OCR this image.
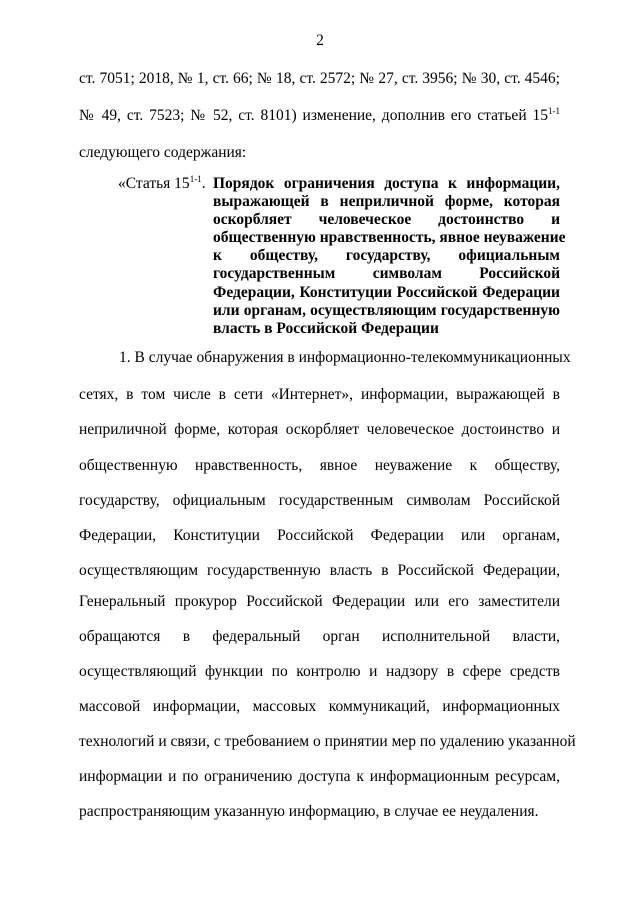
2
ст. 7051; 2018, № 1, ст. 66; № 18, ст. 2572; № 27, ст. 3956; № 30, ст. 4546;
№ 49, ст. 7523; № 52, ст. 8101) изменение, дополнив его статьей 15$^{1-1}$
следующего содержания:
«Статья 15$^{1-1}$. Порядок ограничения доступа к информации,
выражающей в неприличной форме, которая
оскорбляет человеческое достоинство и
общественную нравственность, явное неуважение
к обществу, государству, официальным
государственным символам Российской
Федерации, Конституции Российской Федерации
или органам, осуществляющим государственную
власть в Российской Федерации
1. В случае обнаружения в информационно-телекоммуникационных
сетях, в том числе в сети «Интернет», информации, выражающей в
неприличной форме, которая оскорбляет человеческое достоинство и
общественную нравственность, явное неуважение к обществу,
государству, официальным государственным символам Российской
Федерации, Конституции Российской Федерации или органам,
осуществляющим государственную власть в Российской Федерации,
Генеральный прокурор Российской Федерации или его заместители
обращаются в федеральный орган исполнительной власти,
осуществляющий функции по контролю и надзору в сфере средств
массовой информации, массовых коммуникаций, информационных
технологий и связи, с требованием о принятии мер по удалению указанной
информации и по ограничению доступа к информационным ресурсам,
распространяющим указанную информацию, в случае ее неудаления.
